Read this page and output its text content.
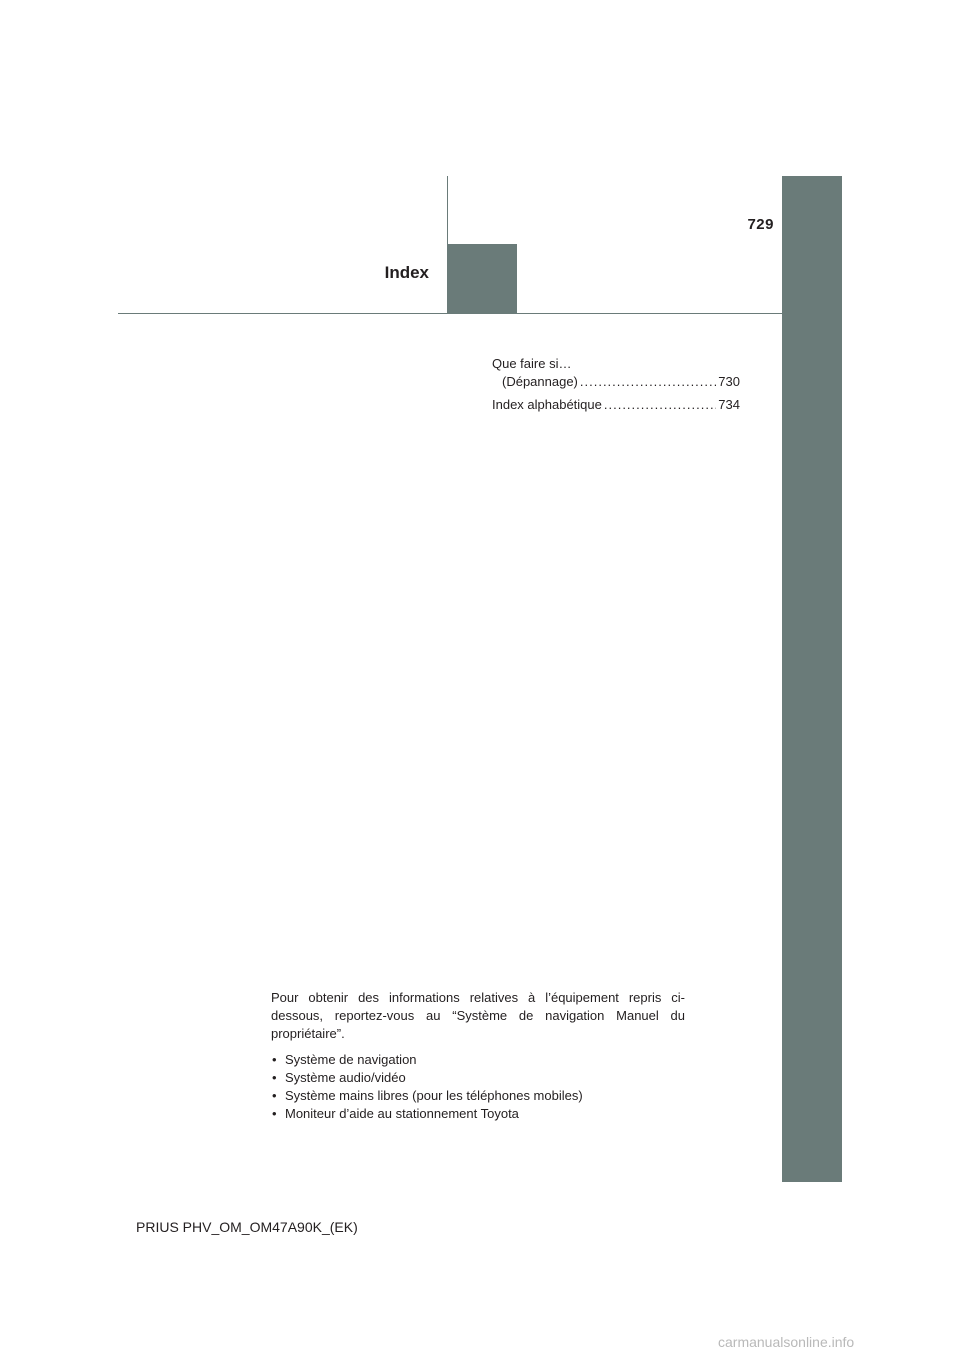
729
Index
Que faire si…
(Dépannage) .....	730
Index alphabétique .....	734

Pour obtenir des informations relatives à l’équipement repris ci-dessous, reportez-vous au “Système de navigation Manuel du propriétaire”.

• Système de navigation
• Système audio/vidéo
• Système mains libres (pour les téléphones mobiles)
• Moniteur d’aide au stationnement Toyota
PRIUS PHV_OM_OM47A90K_(EK)
carmanualsonline.info
